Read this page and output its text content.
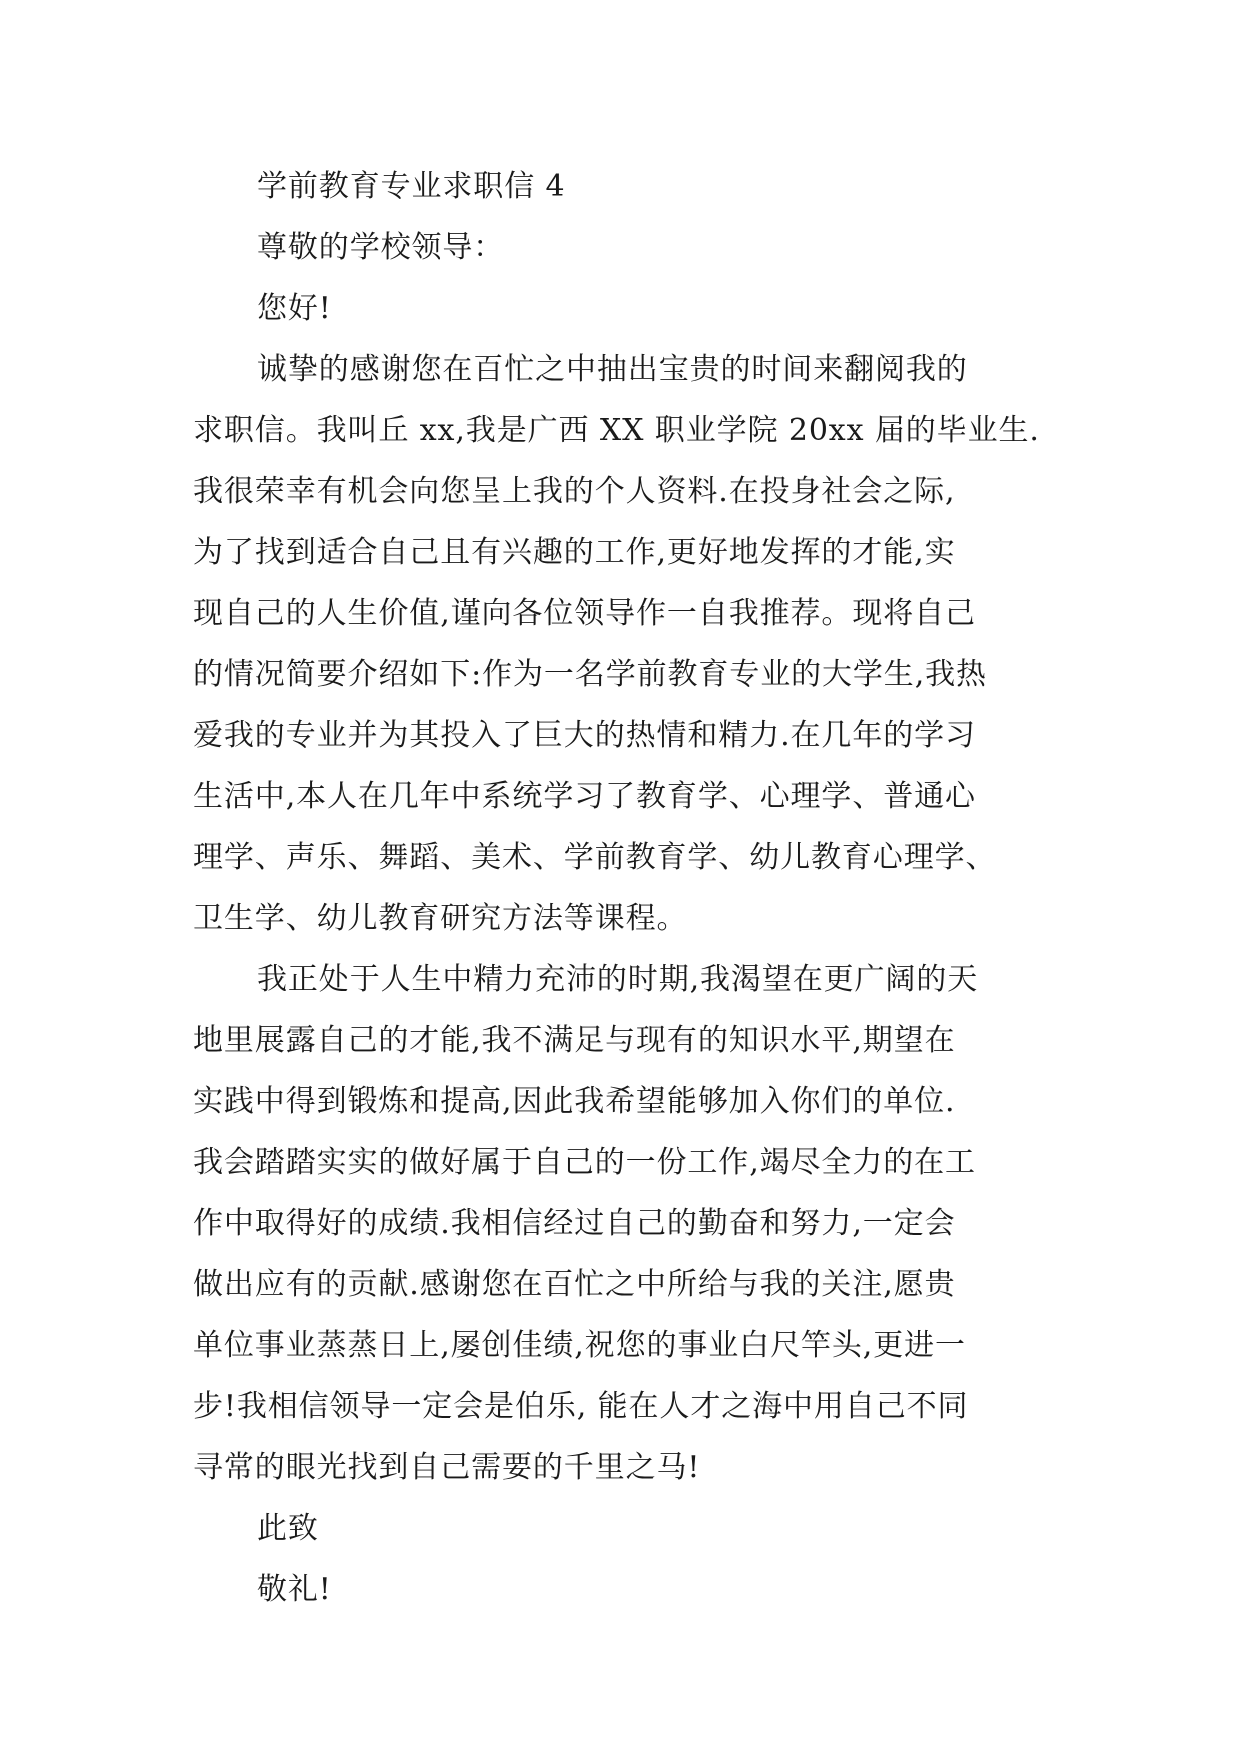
学前教育专业求职信 4
尊敬的学校领导：
您好!
诚挚的感谢您在百忙之中抽出宝贵的时间来翻阅我的
求职信。我叫丘 xx,我是广西 XX 职业学院 20xx 届的毕业生.
我很荣幸有机会向您呈上我的个人资料.在投身社会之际,
为了找到适合自己且有兴趣的工作,更好地发挥的才能,实
现自己的人生价值,谨向各位领导作一自我推荐。现将自己
的情况简要介绍如下:作为一名学前教育专业的大学生,我热
爱我的专业并为其投入了巨大的热情和精力.在几年的学习
生活中,本人在几年中系统学习了教育学、心理学、普通心
理学、声乐、舞蹈、美术、学前教育学、幼儿教育心理学、
卫生学、幼儿教育研究方法等课程。
我正处于人生中精力充沛的时期,我渴望在更广阔的天
地里展露自己的才能,我不满足与现有的知识水平,期望在
实践中得到锻炼和提高,因此我希望能够加入你们的单位.
我会踏踏实实的做好属于自己的一份工作,竭尽全力的在工
作中取得好的成绩.我相信经过自己的勤奋和努力,一定会
做出应有的贡献.感谢您在百忙之中所给与我的关注,愿贵
单位事业蒸蒸日上,屡创佳绩,祝您的事业白尺竿头,更进一
步!我相信领导一定会是伯乐, 能在人才之海中用自己不同
寻常的眼光找到自己需要的千里之马!
此致
敬礼!
